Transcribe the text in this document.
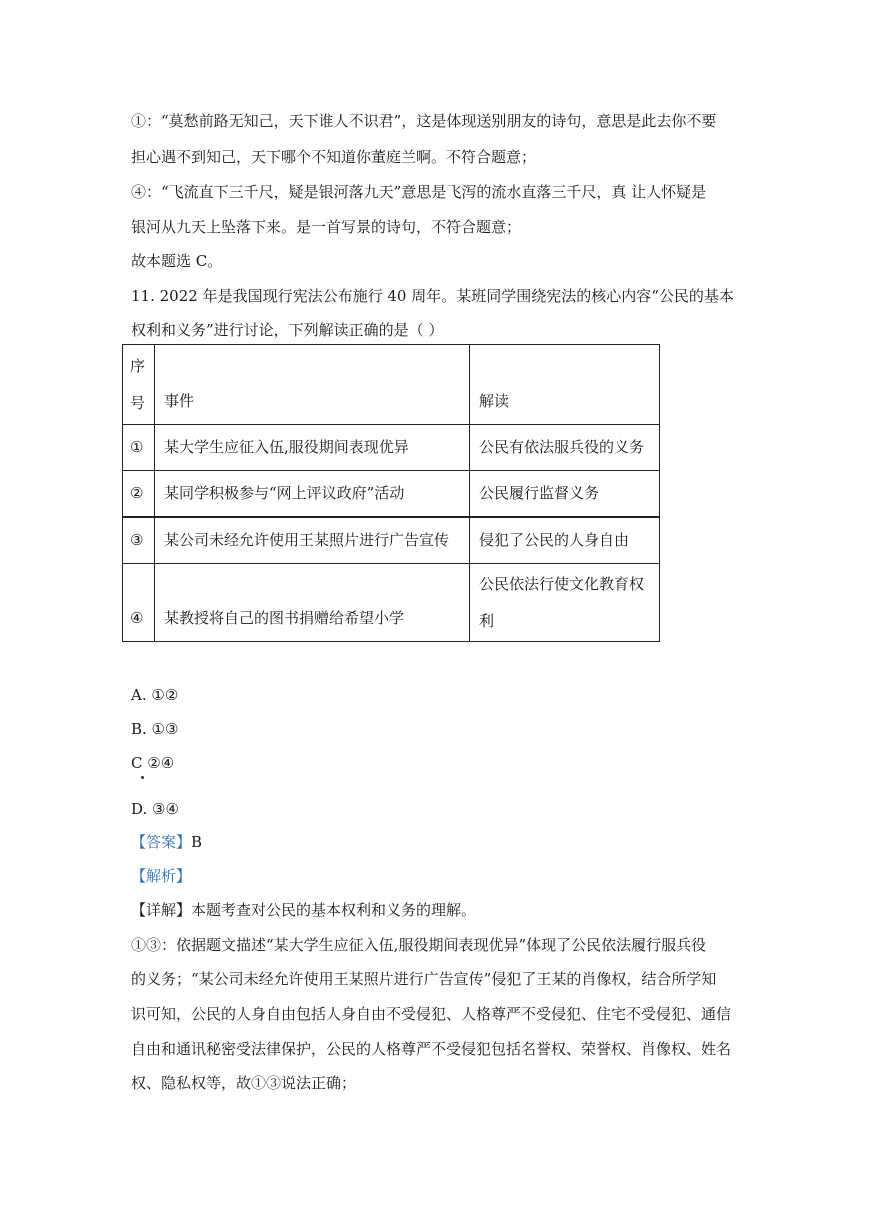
①：“莫愁前路无知己，天下谁人不识君”，这是体现送别朋友的诗句，意思是此去你不要

担心遇不到知己，天下哪个不知道你董庭兰啊。不符合题意；

④：“飞流直下三千尺，疑是银河落九天”意思是飞泻的流水直落三千尺，真 让人怀疑是

银河从九天上坠落下来。是一首写景的诗句，不符合题意；

故本题选 C。

11. 2022 年是我国现行宪法公布施行 40 周年。某班同学围绕宪法的核心内容“公民的基本

权利和义务”进行讨论，下列解读正确的是（ ）

序
号	事件	解读
①	某大学生应征入伍,服役期间表现优异	公民有依法服兵役的义务
②	某同学积极参与“网上评议政府”活动	公民履行监督义务
③	某公司未经允许使用王某照片进行广告宣传	侵犯了公民的人身自由
④	某教授将自己的图书捐赠给希望小学	公民依法行使文化教育权
利

A. ①②

B. ①③

C ②④

D. ③④

【答案】B

【解析】

【详解】本题考查对公民的基本权利和义务的理解。

①③：依据题文描述“某大学生应征入伍,服役期间表现优异”体现了公民依法履行服兵役

的义务；“某公司未经允许使用王某照片进行广告宣传”侵犯了王某的肖像权，结合所学知

识可知，公民的人身自由包括人身自由不受侵犯、人格尊严不受侵犯、住宅不受侵犯、通信

自由和通讯秘密受法律保护，公民的人格尊严不受侵犯包括名誉权、荣誉权、肖像权、姓名

权、隐私权等，故①③说法正确；
